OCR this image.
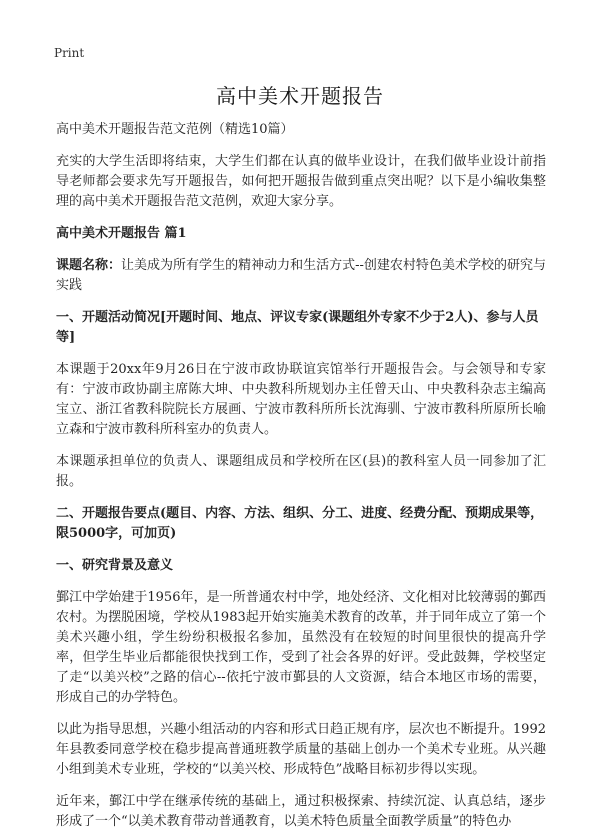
Print
高中美术开题报告

高中美术开题报告范文范例（精选10篇）

充实的大学生活即将结束，大学生们都在认真的做毕业设计，在我们做毕业设计前指导老师都会要求先写开题报告，如何把开题报告做到重点突出呢？以下是小编收集整理的高中美术开题报告范文范例，欢迎大家分享。

高中美术开题报告 篇1

课题名称：让美成为所有学生的精神动力和生活方式--创建农村特色美术学校的研究与实践

一、开题活动简况[开题时间、地点、评议专家(课题组外专家不少于2人)、参与人员等]

本课题于20xx年9月26日在宁波市政协联谊宾馆举行开题报告会。与会领导和专家有：宁波市政协副主席陈大坤、中央教科所规划办主任曾天山、中央教科杂志主编高宝立、浙江省教科院院长方展画、宁波市教科所所长沈海驯、宁波市教科所原所长喻立森和宁波市教科所科室办的负责人。

本课题承担单位的负责人、课题组成员和学校所在区(县)的教科室人员一同参加了汇报。

二、开题报告要点(题目、内容、方法、组织、分工、进度、经费分配、预期成果等，限5000字，可加页)

一、研究背景及意义

鄞江中学始建于1956年，是一所普通农村中学，地处经济、文化相对比较薄弱的鄞西农村。为摆脱困境，学校从1983起开始实施美术教育的改革，并于同年成立了第一个美术兴趣小组，学生纷纷积极报名参加，虽然没有在较短的时间里很快的提高升学率，但学生毕业后都能很快找到工作，受到了社会各界的好评。受此鼓舞，学校坚定了走“以美兴校”之路的信心--依托宁波市鄞县的人文资源，结合本地区市场的需要，形成自己的办学特色。

以此为指导思想，兴趣小组活动的内容和形式日趋正规有序，层次也不断提升。1992年县教委同意学校在稳步提高普通班教学质量的基础上创办一个美术专业班。从兴趣小组到美术专业班，学校的“以美兴校、形成特色”战略目标初步得以实现。

近年来，鄞江中学在继承传统的基础上，通过积极探索、持续沉淀、认真总结，逐步形成了一个“以美术教育带动普通教育，以美术特色质量全面教学质量”的特色办
